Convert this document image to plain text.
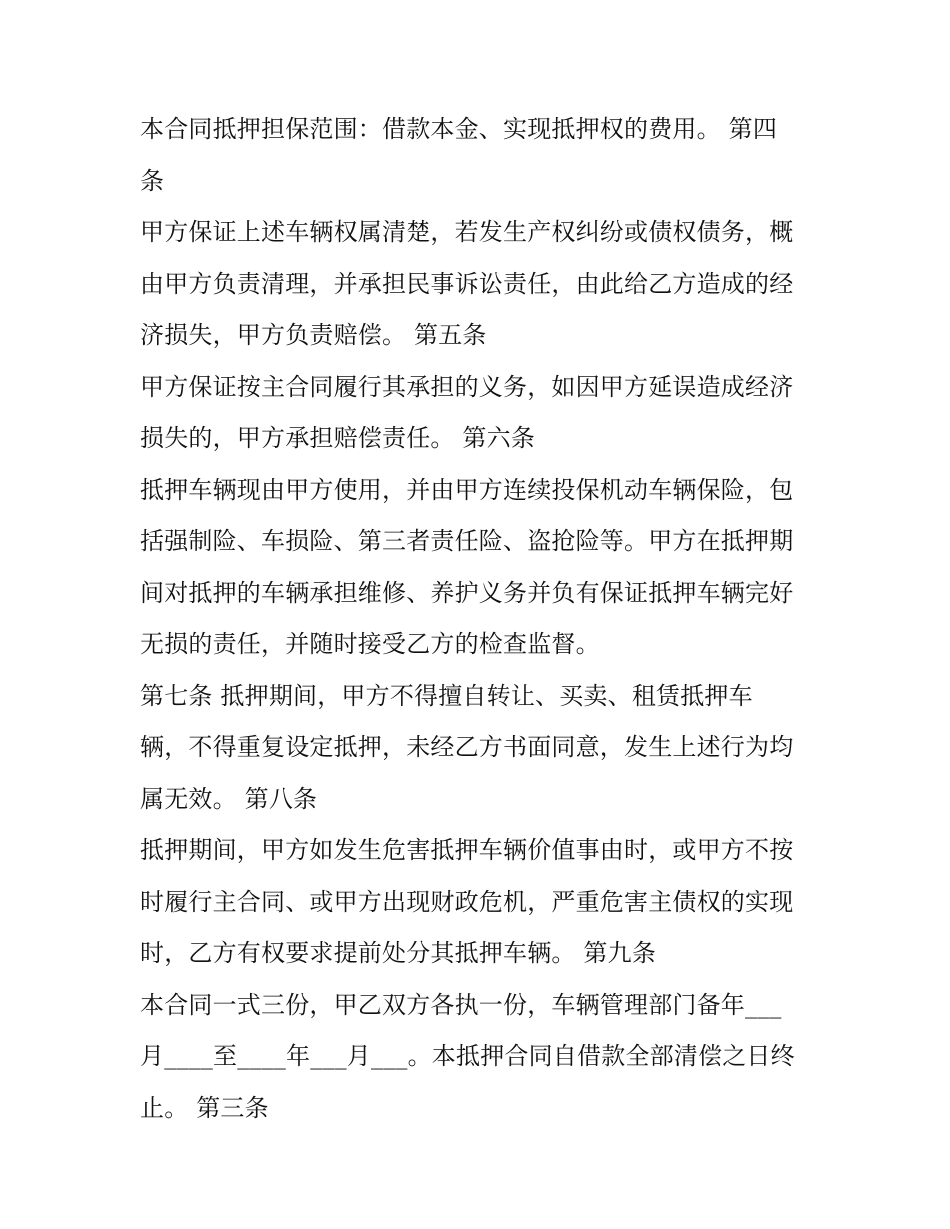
本合同抵押担保范围：借款本金、实现抵押权的费用。 第四
条
甲方保证上述车辆权属清楚，若发生产权纠纷或债权债务，概
由甲方负责清理，并承担民事诉讼责任，由此给乙方造成的经
济损失，甲方负责赔偿。 第五条
甲方保证按主合同履行其承担的义务，如因甲方延误造成经济
损失的，甲方承担赔偿责任。 第六条
抵押车辆现由甲方使用，并由甲方连续投保机动车辆保险，包
括强制险、车损险、第三者责任险、盗抢险等。甲方在抵押期
间对抵押的车辆承担维修、养护义务并负有保证抵押车辆完好
无损的责任，并随时接受乙方的检查监督。
第七条 抵押期间，甲方不得擅自转让、买卖、租赁抵押车
辆，不得重复设定抵押，未经乙方书面同意，发生上述行为均
属无效。 第八条
抵押期间，甲方如发生危害抵押车辆价值事由时，或甲方不按
时履行主合同、或甲方出现财政危机，严重危害主债权的实现
时，乙方有权要求提前处分其抵押车辆。 第九条
本合同一式三份，甲乙双方各执一份，车辆管理部门备年___
月____至____年___月___。本抵押合同自借款全部清偿之日终
止。 第三条
